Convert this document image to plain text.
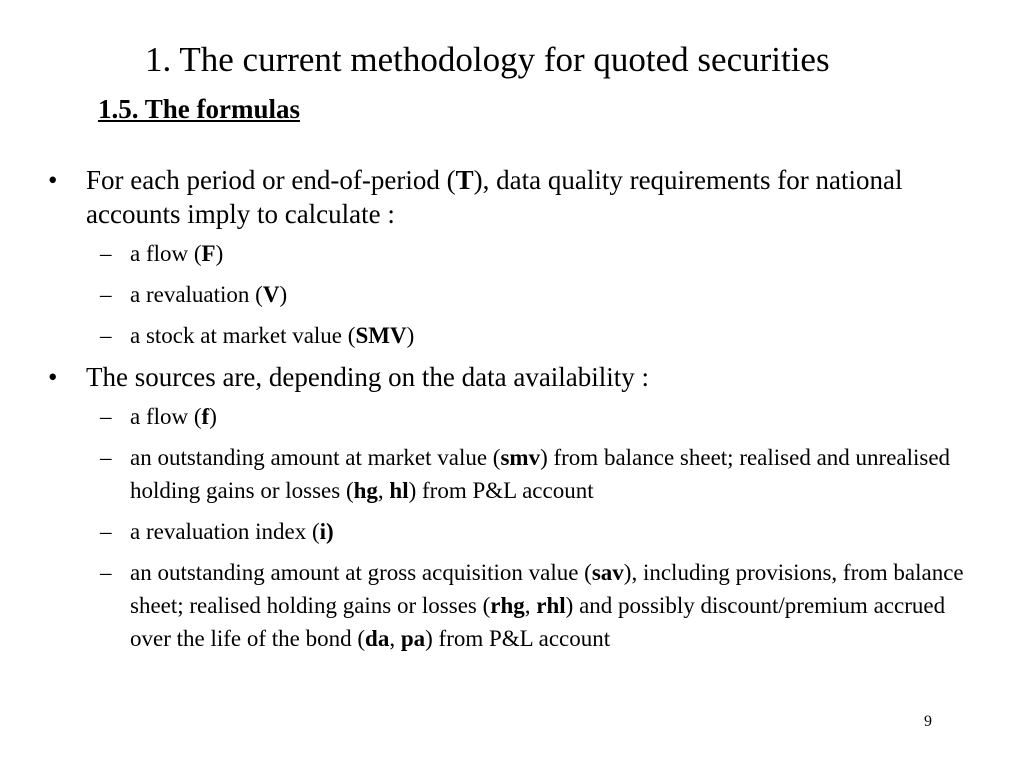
1. The current methodology for quoted securities
1.5. The formulas
•	For each period or end-of-period (T), data quality requirements for national accounts imply to calculate :
– a flow (F)
– a revaluation (V)
– a stock at market value (SMV)
•	The sources are, depending on the data availability :
– a flow (f)
– an outstanding amount at market value (smv) from balance sheet; realised and unrealised holding gains or losses (hg, hl) from P&L account
– a revaluation index (i)
– an outstanding amount at gross acquisition value (sav), including provisions, from balance sheet; realised holding gains or losses (rhg, rhl) and possibly discount/premium accrued over the life of the bond (da, pa) from P&L account
9
